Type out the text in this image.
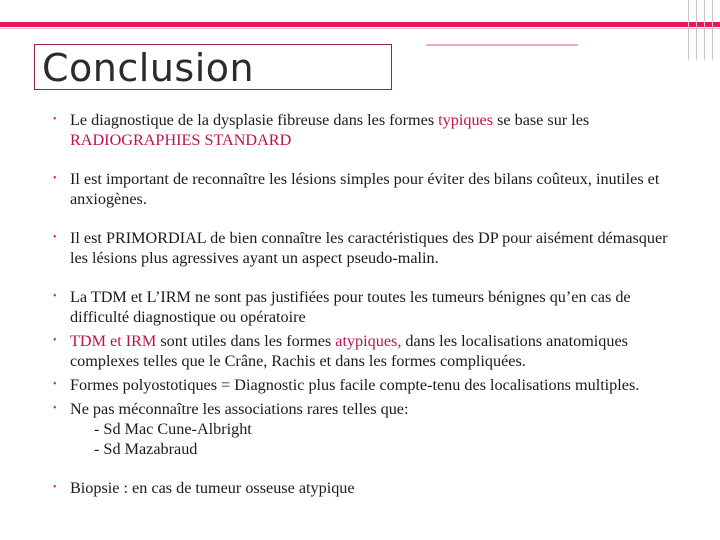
Conclusion
• Le diagnostique de la dysplasie fibreuse dans les formes typiques se base sur les RADIOGRAPHIES STANDARD
• Il est important de reconnaître les lésions simples pour éviter des bilans coûteux, inutiles et anxiogènes.
• Il est PRIMORDIAL de bien connaître les caractéristiques des DP pour aisément démasquer les lésions plus agressives ayant un aspect pseudo-malin.
• La TDM et L’IRM ne sont pas justifiées pour toutes les tumeurs bénignes qu’en cas de difficulté diagnostique ou opératoire
• TDM et IRM sont utiles dans les formes atypiques, dans les localisations anatomiques complexes telles que le Crâne, Rachis et dans les formes compliquées.
• Formes polyostotiques = Diagnostic plus facile compte-tenu des localisations multiples.
• Ne pas méconnaître les associations rares telles que:
- Sd Mac Cune-Albright
- Sd Mazabraud
• Biopsie : en cas de tumeur osseuse atypique
